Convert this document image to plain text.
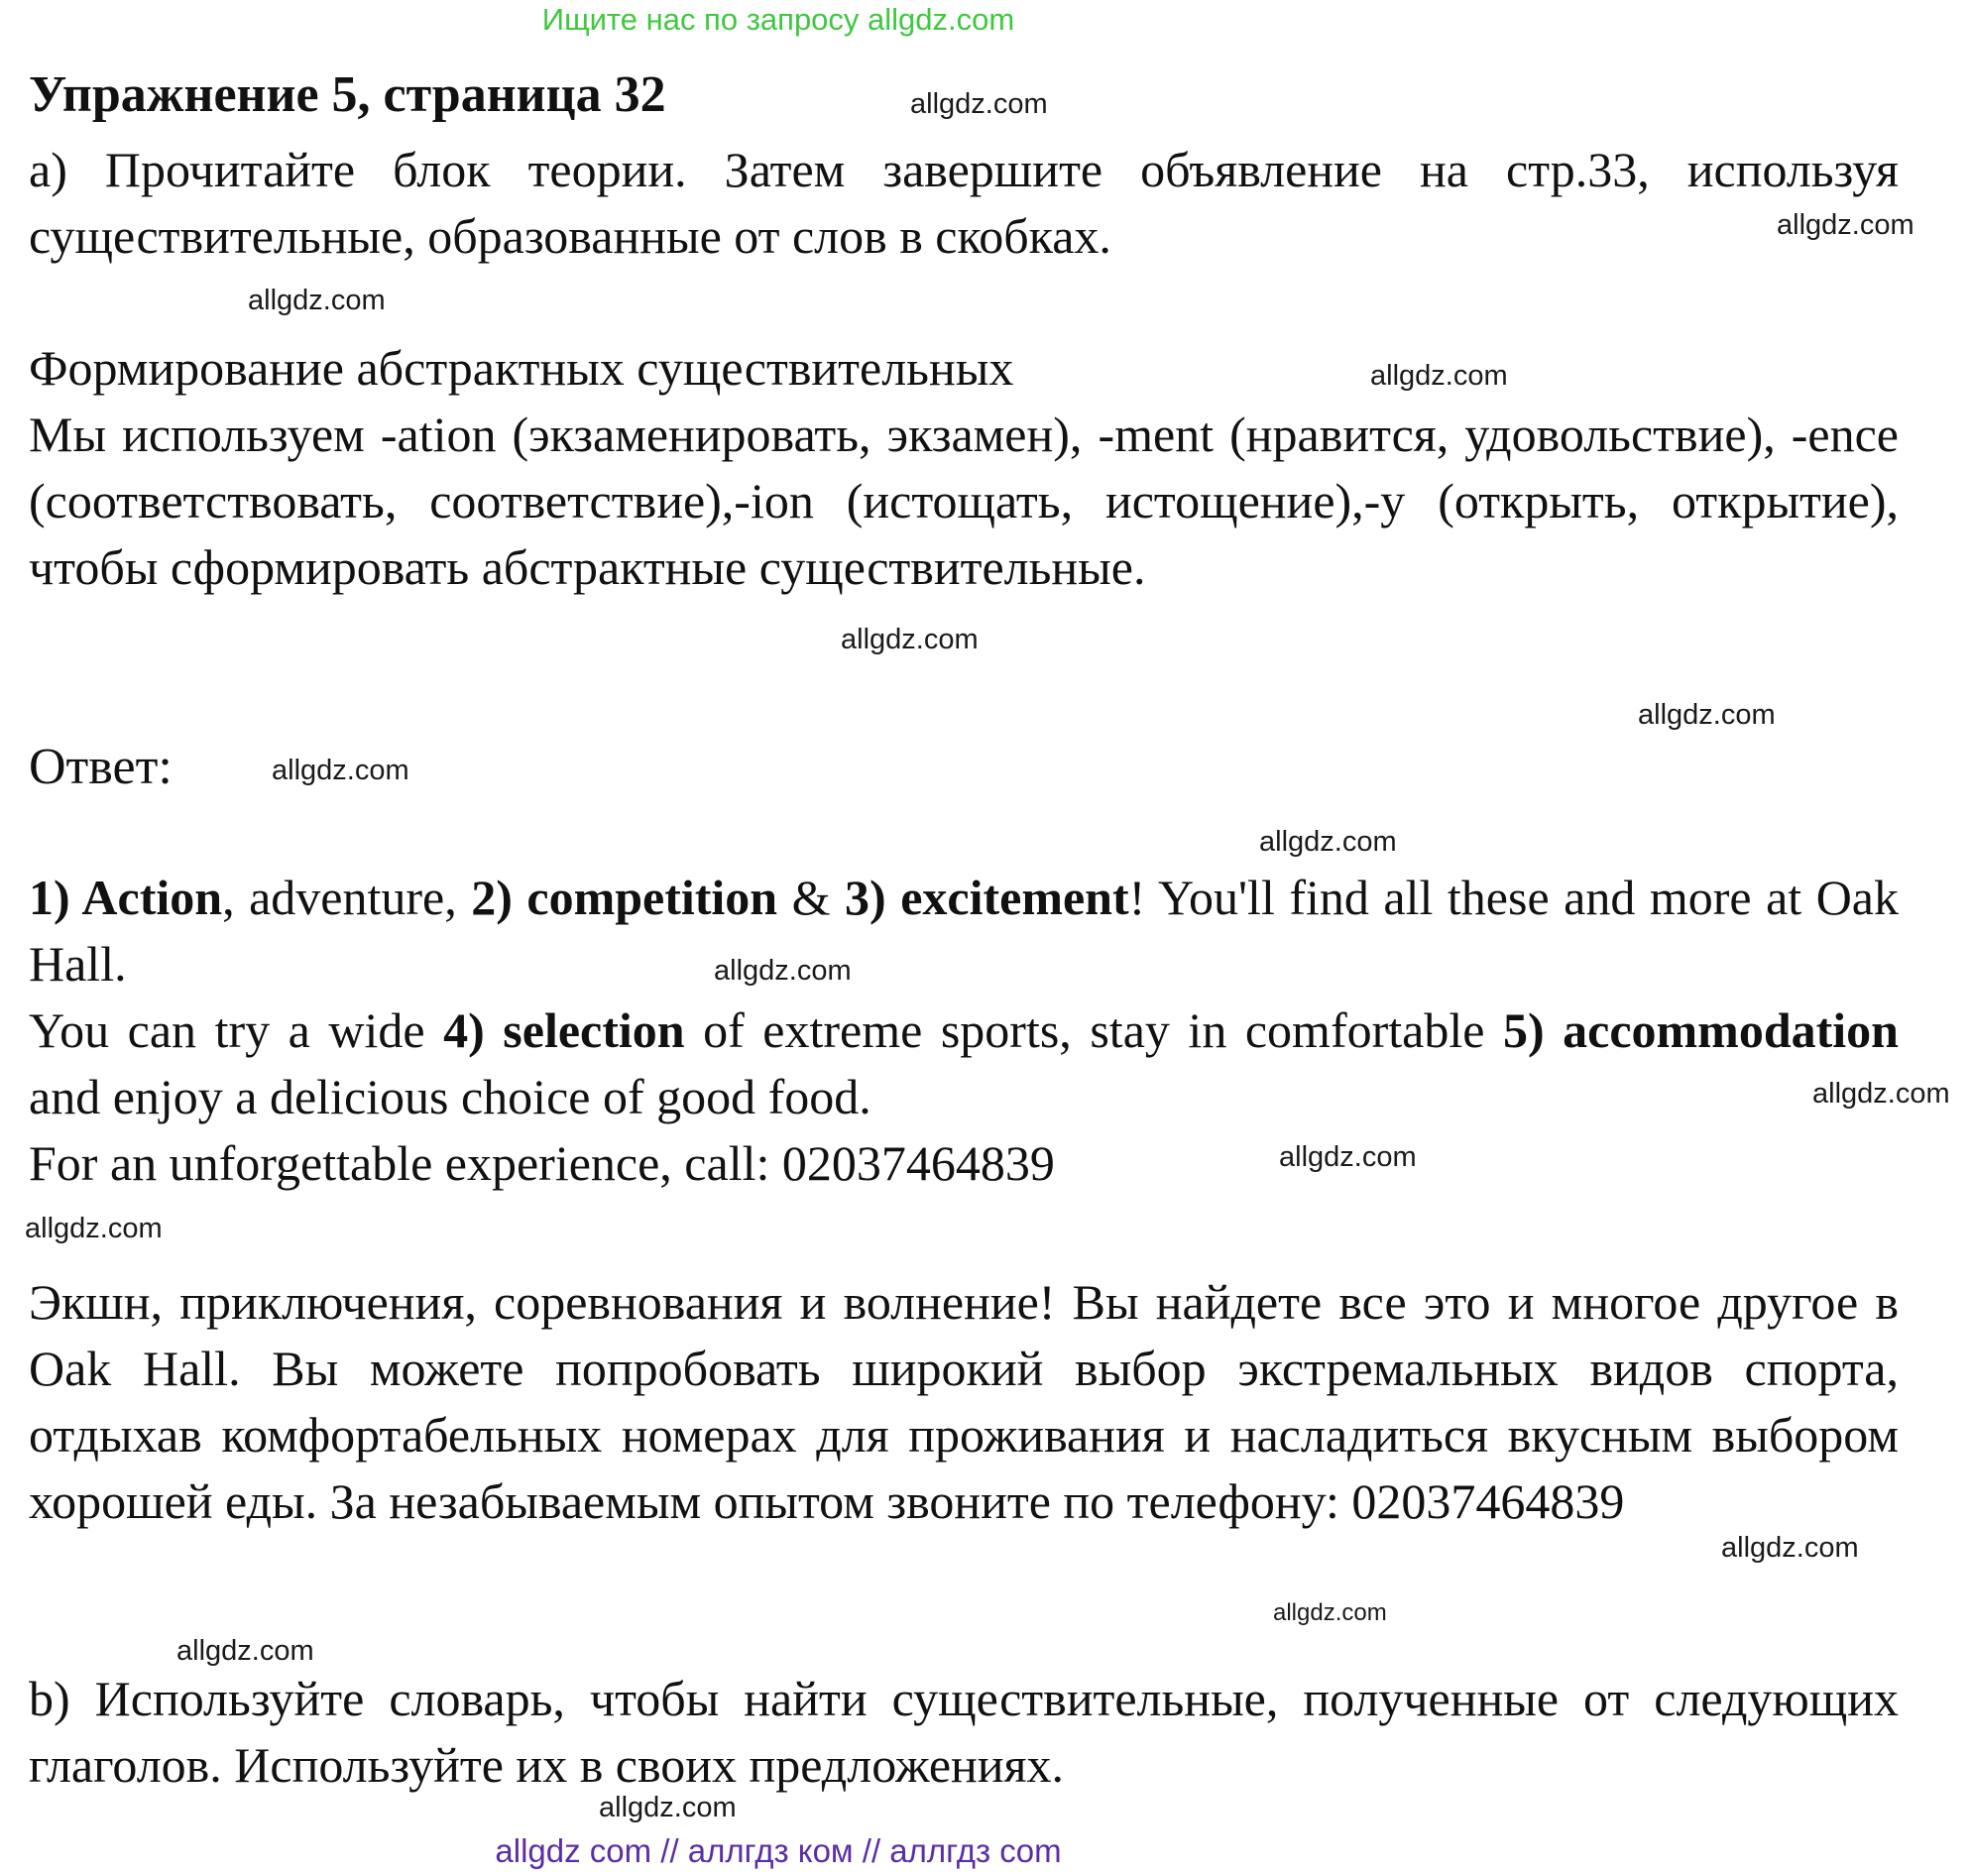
Ищите нас по запросу allgdz.com
Упражнение 5, страница 32

a) Прочитайте блок теории. Затем завершите объявление на стр.33, используя существительные, образованные от слов в скобках.

Формирование абстрактных существительных

Мы используем -ation (экзаменировать, экзамен), -ment (нравится, удовольствие), -ence (соответствовать, соответствие),-ion (истощать, истощение),-y (открыть, открытие), чтобы сформировать абстрактные существительные.

Ответ:

1) Action, adventure, 2) competition & 3) excitement! You'll find all these and more at Oak Hall.

You can try a wide 4) selection of extreme sports, stay in comfortable 5) accommodation and enjoy a delicious choice of good food.

For an unforgettable experience, call: 02037464839

Экшн, приключения, соревнования и волнение! Вы найдете все это и многое другое в Oak Hall. Вы можете попробовать широкий выбор экстремальных видов спорта, отдыхав комфортабельных номерах для проживания и насладиться вкусным выбором хорошей еды. За незабываемым опытом звоните по телефону: 02037464839

b) Используйте словарь, чтобы найти существительные, полученные от следующих глаголов. Используйте их в своих предложениях.

allgdz.com
allgdz.com
allgdz.com
allgdz.com
allgdz.com
allgdz.com
allgdz.com
allgdz.com
allgdz.com
allgdz.com
allgdz.com
allgdz.com
allgdz.com
allgdz.com
allgdz.com
allgdz.com
allgdz com // аллгдз ком // аллгдз com
